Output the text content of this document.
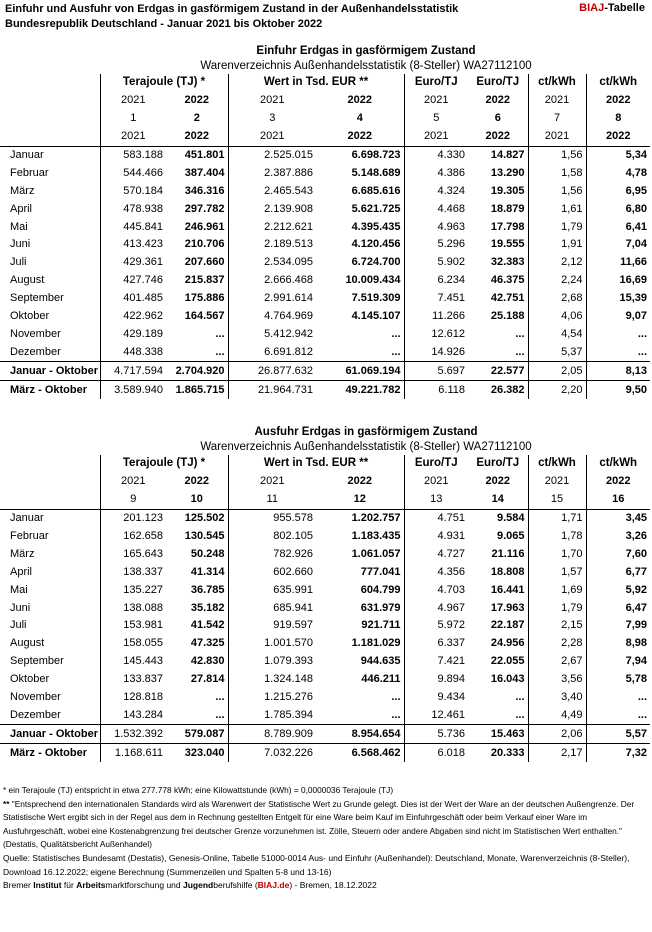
Einfuhr und Ausfuhr von Erdgas in gasförmigem Zustand in der Außenhandelsstatistik
Bundesrepublik Deutschland - Januar 2021 bis Oktober 2022
BIAJ-Tabelle
Einfuhr Erdgas in gasförmigem Zustand
Warenverzeichnis Außenhandelsstatistik (8-Steller) WA27112100
	Terajoule (TJ) *		Wert in Tsd. EUR **		Euro/TJ	Euro/TJ	ct/kWh	ct/kWh
	2021	2022	2021	2022	2021	2022	2021	2022
	1	2	3	4	5	6	7	8
	2021	2022	2021	2022	2021	2022	2021	2022
Januar	583.188	451.801	2.525.015	6.698.723	4.330	14.827	1,56	5,34
Februar	544.466	387.404	2.387.886	5.148.689	4.386	13.290	1,58	4,78
März	570.184	346.316	2.465.543	6.685.616	4.324	19.305	1,56	6,95
April	478.938	297.782	2.139.908	5.621.725	4.468	18.879	1,61	6,80
Mai	445.841	246.961	2.212.621	4.395.435	4.963	17.798	1,79	6,41
Juni	413.423	210.706	2.189.513	4.120.456	5.296	19.555	1,91	7,04
Juli	429.361	207.660	2.534.095	6.724.700	5.902	32.383	2,12	11,66
August	427.746	215.837	2.666.468	10.009.434	6.234	46.375	2,24	16,69
September	401.485	175.886	2.991.614	7.519.309	7.451	42.751	2,68	15,39
Oktober	422.962	164.567	4.764.969	4.145.107	11.266	25.188	4,06	9,07
November	429.189	...	5.412.942	...	12.612	...	4,54	...
Dezember	448.338	...	6.691.812	...	14.926	...	5,37	...
Januar - Oktober	4.717.594	2.704.920	26.877.632	61.069.194	5.697	22.577	2,05	8,13
März - Oktober	3.589.940	1.865.715	21.964.731	49.221.782	6.118	26.382	2,20	9,50
Ausfuhr Erdgas in gasförmigem Zustand
Warenverzeichnis Außenhandelsstatistik (8-Steller) WA27112100
	Terajoule (TJ) *		Wert in Tsd. EUR **		Euro/TJ	Euro/TJ	ct/kWh	ct/kWh
	2021	2022	2021	2022	2021	2022	2021	2022
	9	10	11	12	13	14	15	16
Januar	201.123	125.502	955.578	1.202.757	4.751	9.584	1,71	3,45
Februar	162.658	130.545	802.105	1.183.435	4.931	9.065	1,78	3,26
März	165.643	50.248	782.926	1.061.057	4.727	21.116	1,70	7,60
April	138.337	41.314	602.660	777.041	4.356	18.808	1,57	6,77
Mai	135.227	36.785	635.991	604.799	4.703	16.441	1,69	5,92
Juni	138.088	35.182	685.941	631.979	4.967	17.963	1,79	6,47
Juli	153.981	41.542	919.597	921.711	5.972	22.187	2,15	7,99
August	158.055	47.325	1.001.570	1.181.029	6.337	24.956	2,28	8,98
September	145.443	42.830	1.079.393	944.635	7.421	22.055	2,67	7,94
Oktober	133.837	27.814	1.324.148	446.211	9.894	16.043	3,56	5,78
November	128.818	...	1.215.276	...	9.434	...	3,40	...
Dezember	143.284	...	1.785.394	...	12.461	...	4,49	...
Januar - Oktober	1.532.392	579.087	8.789.909	8.954.654	5.736	15.463	2,06	5,57
März - Oktober	1.168.611	323.040	7.032.226	6.568.462	6.018	20.333	2,17	7,32

* ein Terajoule (TJ) entspricht in etwa 277.778 kWh; eine Kilowattstunde (kWh) = 0,0000036 Terajoule (TJ)

** "Entsprechend den internationalen Standards wird als Warenwert der Statistische Wert zu Grunde gelegt. Dies ist der Wert der Ware an der deutschen Außengrenze. Der Statistische Wert ergibt sich in der Regel aus dem in Rechnung gestellten Entgelt für eine Ware beim Kauf im Einfuhrgeschäft oder beim Verkauf einer Ware im Ausfuhrgeschäft, wobei eine Kostenabgrenzung frei deutscher Grenze vorzunehmen ist. Zölle, Steuern oder andere Abgaben sind nicht im Statistischen Wert enthalten." (Destatis, Qualitätsbericht Außenhandel)

Quelle: Statistisches Bundesamt (Destatis), Genesis-Online, Tabelle 51000-0014 Aus- und Einfuhr (Außenhandel): Deutschland, Monate, Warenverzeichnis (8-Steller), Download 16.12.2022; eigene Berechnung (Summenzeilen und Spalten 5-8 und 13-16)

Bremer Institut für Arbeitsmarktforschung und Jugendberufshilfe (BIAJ.de) - Bremen, 18.12.2022
